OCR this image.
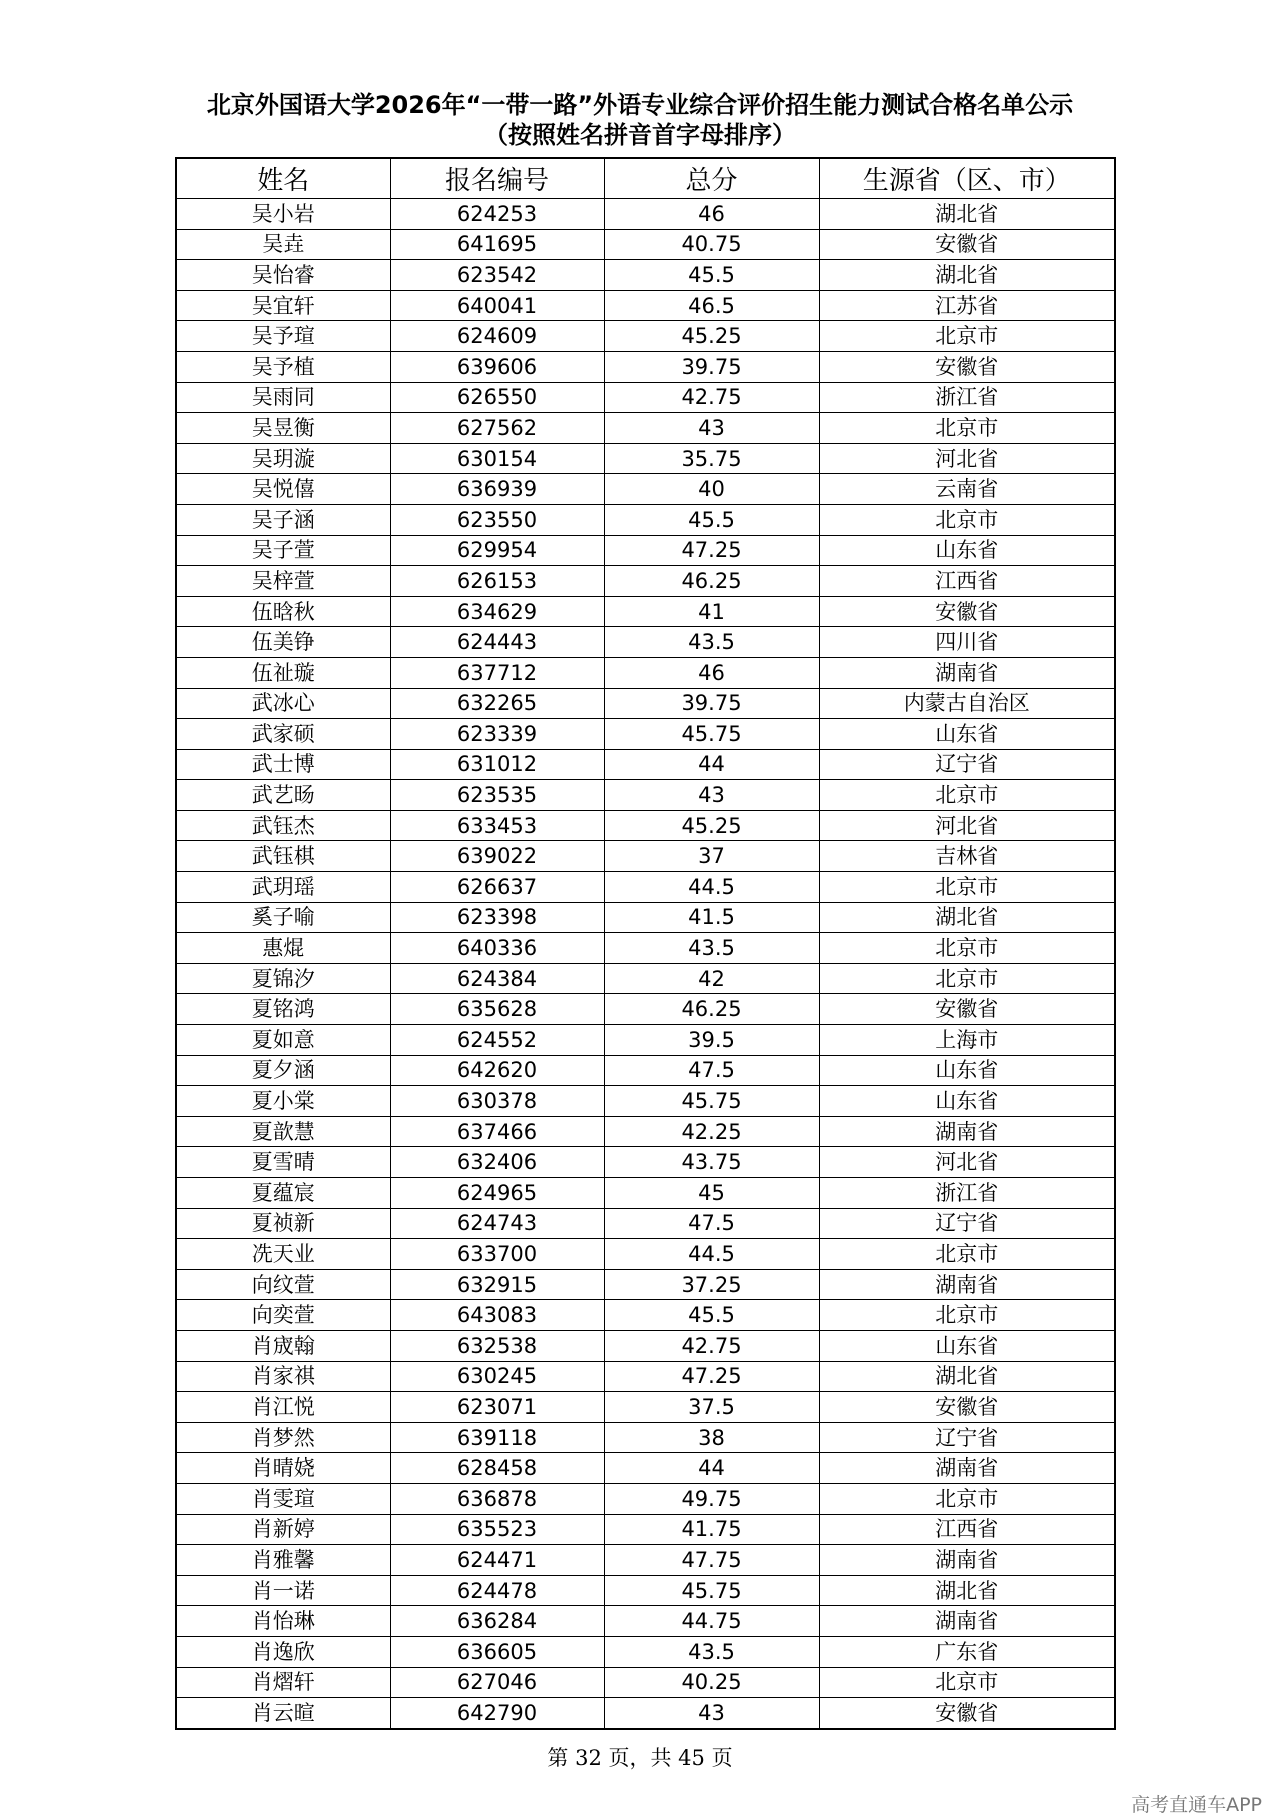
北京外国语大学2026年“一带一路”外语专业综合评价招生能力测试合格名单公示
（按照姓名拼音首字母排序）
姓名	报名编号	总分	生源省（区、市）
吴小岩	624253	46	湖北省
吴垚	641695	40.75	安徽省
吴怡睿	623542	45.5	湖北省
吴宜轩	640041	46.5	江苏省
吴予瑄	624609	45.25	北京市
吴予植	639606	39.75	安徽省
吴雨同	626550	42.75	浙江省
吴昱衡	627562	43	北京市
吴玥漩	630154	35.75	河北省
吴悦僖	636939	40	云南省
吴子涵	623550	45.5	北京市
吴子萱	629954	47.25	山东省
吴梓萱	626153	46.25	江西省
伍晗秋	634629	41	安徽省
伍美铮	624443	43.5	四川省
伍祉璇	637712	46	湖南省
武冰心	632265	39.75	内蒙古自治区
武家硕	623339	45.75	山东省
武士博	631012	44	辽宁省
武艺旸	623535	43	北京市
武钰杰	633453	45.25	河北省
武钰棋	639022	37	吉林省
武玥瑶	626637	44.5	北京市
奚子喻	623398	41.5	湖北省
惠焜	640336	43.5	北京市
夏锦汐	624384	42	北京市
夏铭鸿	635628	46.25	安徽省
夏如意	624552	39.5	上海市
夏夕涵	642620	47.5	山东省
夏小棠	630378	45.75	山东省
夏歆慧	637466	42.25	湖南省
夏雪晴	632406	43.75	河北省
夏蕴宸	624965	45	浙江省
夏祯新	624743	47.5	辽宁省
冼天业	633700	44.5	北京市
向纹萱	632915	37.25	湖南省
向奕萱	643083	45.5	北京市
肖宬翰	632538	42.75	山东省
肖家祺	630245	47.25	湖北省
肖江悦	623071	37.5	安徽省
肖梦然	639118	38	辽宁省
肖晴娆	628458	44	湖南省
肖雯瑄	636878	49.75	北京市
肖新婷	635523	41.75	江西省
肖雅馨	624471	47.75	湖南省
肖一诺	624478	45.75	湖北省
肖怡琳	636284	44.75	湖南省
肖逸欣	636605	43.5	广东省
肖熠轩	627046	40.25	北京市
肖云暄	642790	43	安徽省
第 32 页，共 45 页
高考直通车APP
